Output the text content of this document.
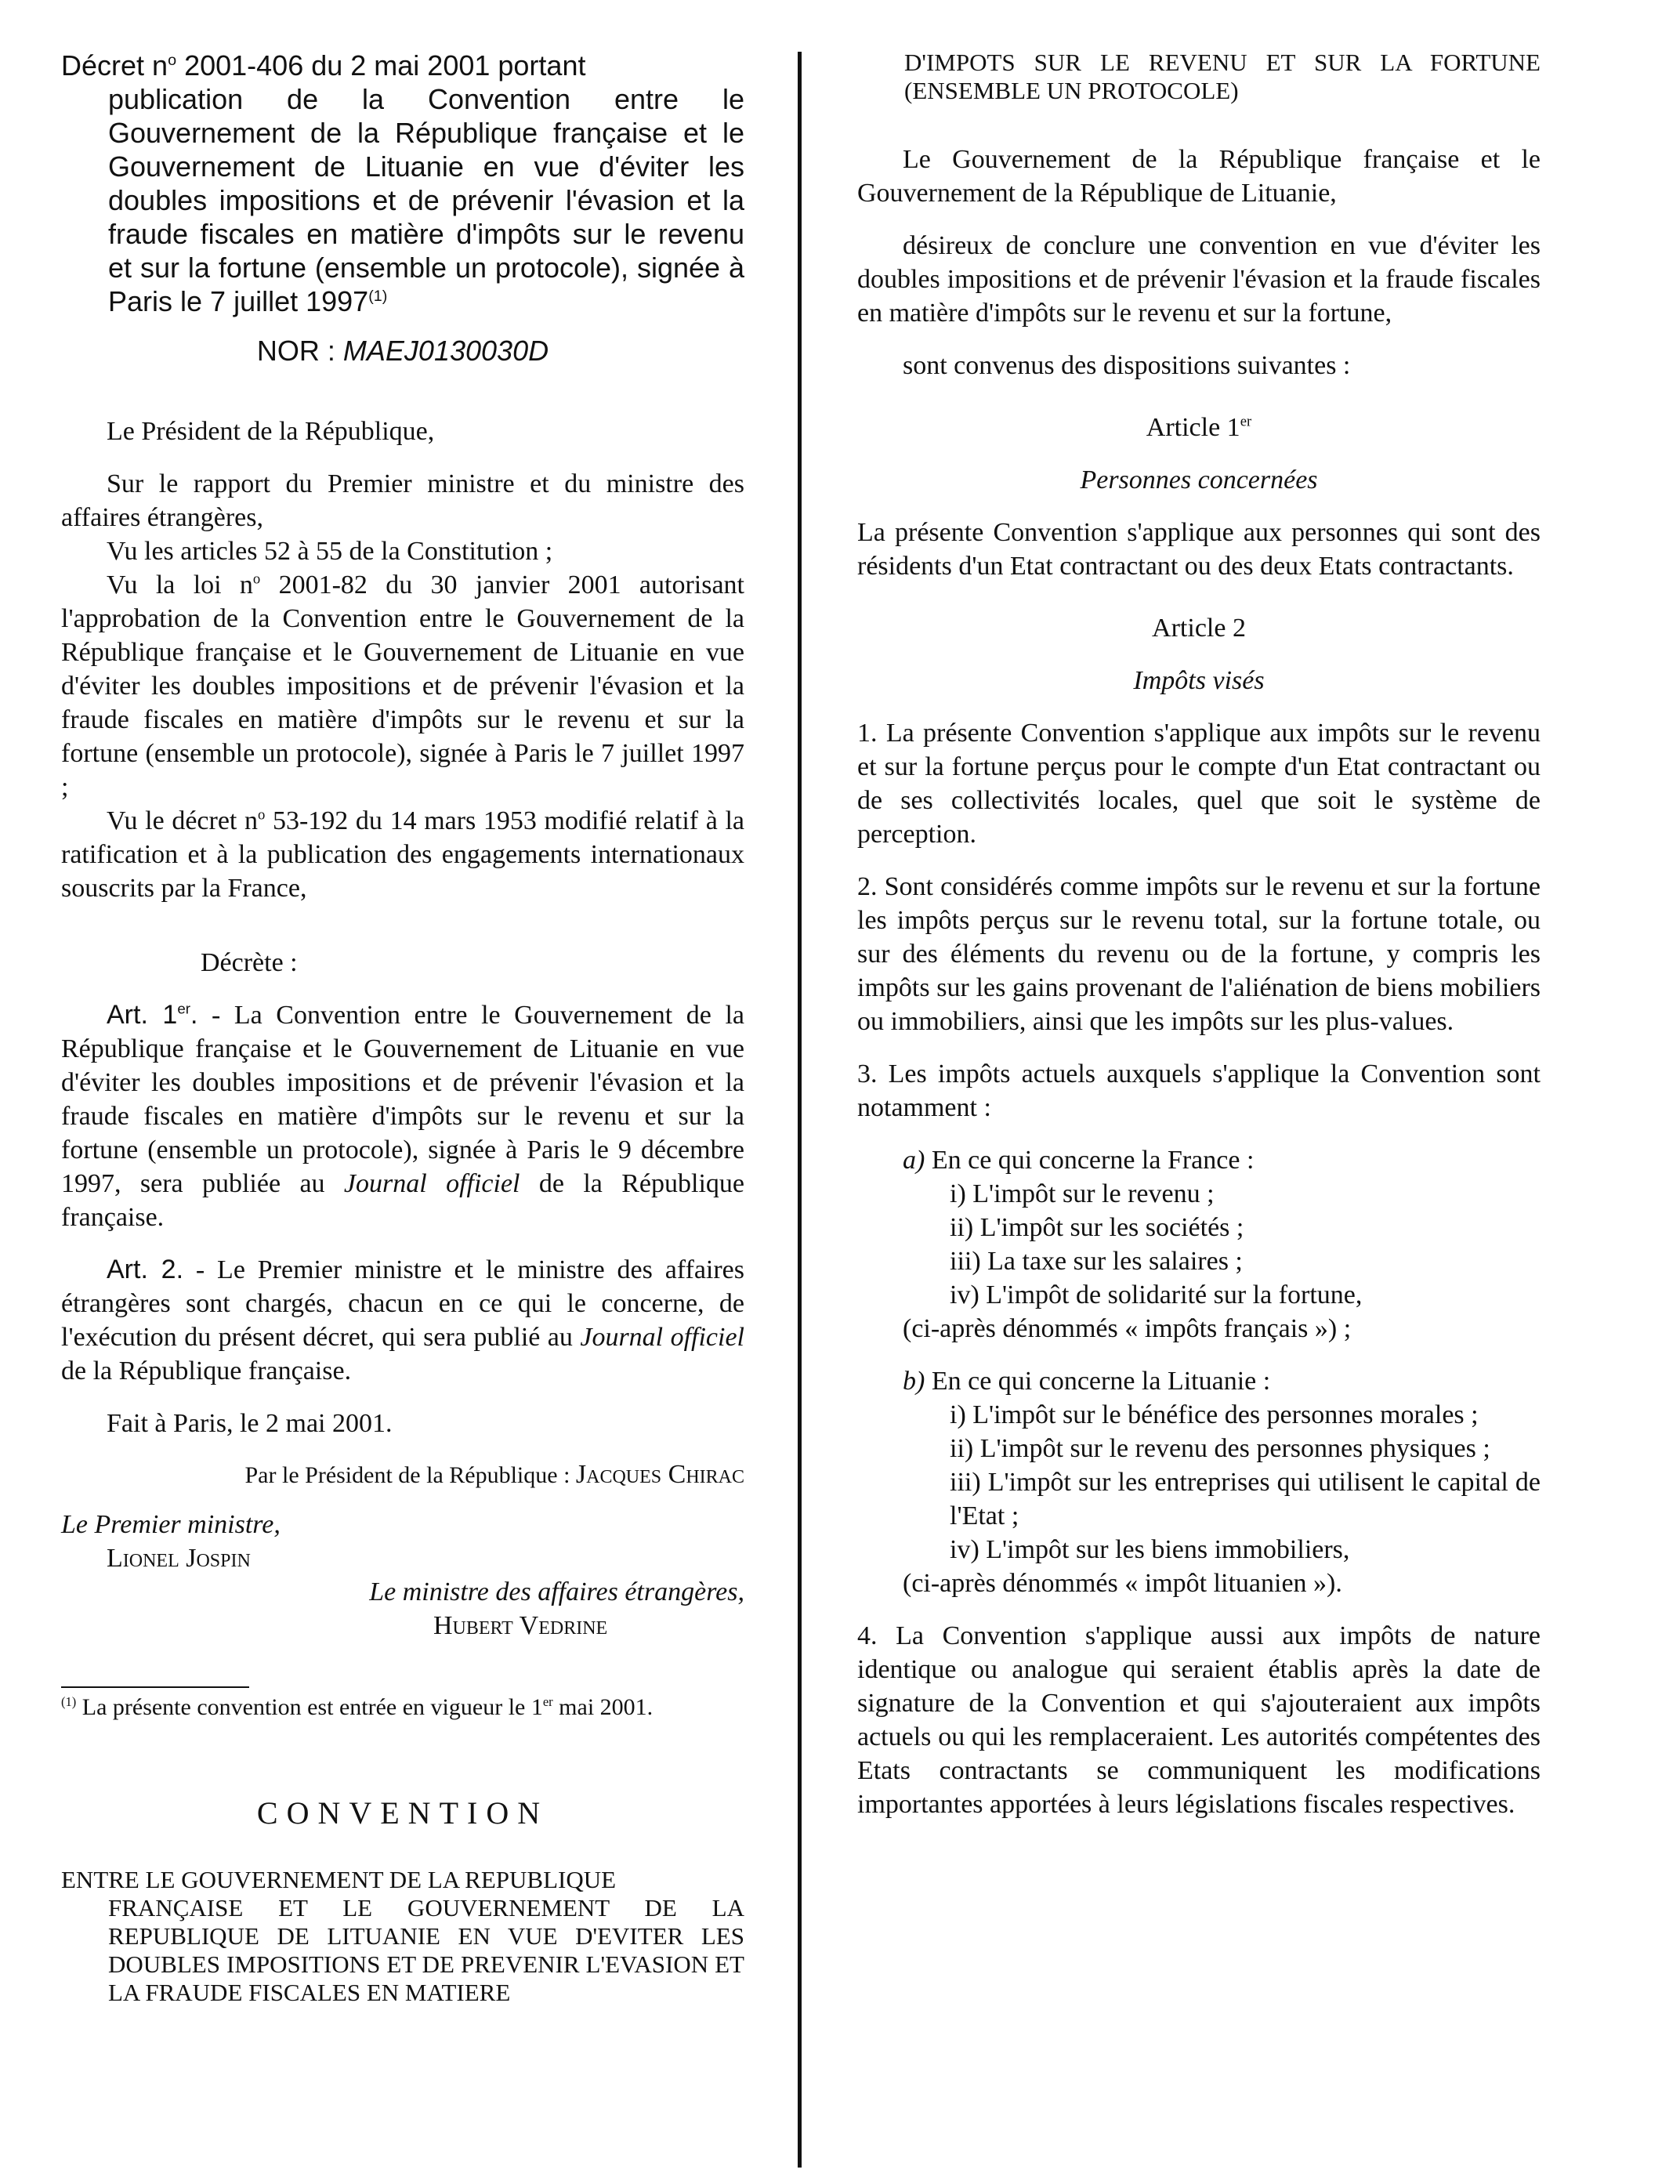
Décret $n^o$ 2001-406 du 2 mai 2001 portant
publication de la Convention entre le Gouvernement de la République française et le Gouvernement de Lituanie en vue d'éviter les doubles impositions et de prévenir l'évasion et la fraude fiscales en matière d'impôts sur le revenu et sur la fortune (ensemble un protocole), signée à Paris le 7 juillet 1997$^{(1)}$
NOR : MAEJ0130030D

Le Président de la République,

Sur le rapport du Premier ministre et du ministre des affaires étrangères,

Vu les articles 52 à 55 de la Constitution ;

Vu la loi $n^o$ 2001-82 du 30 janvier 2001 autorisant l'approbation de la Convention entre le Gouvernement de la République française et le Gouvernement de Lituanie en vue d'éviter les doubles impositions et de prévenir l'évasion et la fraude fiscales en matière d'impôts sur le revenu et sur la fortune (ensemble un protocole), signée à Paris le 7 juillet 1997 ;

Vu le décret $n^o$ 53-192 du 14 mars 1953 modifié relatif à la ratification et à la publication des engagements internationaux souscrits par la France,

Décrète :

Art. 1er. - La Convention entre le Gouvernement de la République française et le Gouvernement de Lituanie en vue d'éviter les doubles impositions et de prévenir l'évasion et la fraude fiscales en matière d'impôts sur le revenu et sur la fortune (ensemble un protocole), signée à Paris le 9 décembre 1997, sera publiée au Journal officiel de la République française.

Art. 2. - Le Premier ministre et le ministre des affaires étrangères sont chargés, chacun en ce qui le concerne, de l'exécution du présent décret, qui sera publié au Journal officiel de la République française.

Fait à Paris, le 2 mai 2001.

Par le Président de la République : Jacques Chirac

Le Premier ministre,

Lionel Jospin

Le ministre des affaires étrangères,

Hubert Vedrine

$^{(1)}$ La présente convention est entrée en vigueur le 1er mai 2001.

CONVENTION

ENTRE LE GOUVERNEMENT DE LA REPUBLIQUE
FRANÇAISE ET LE GOUVERNEMENT DE LA REPUBLIQUE DE LITUANIE EN VUE D'EVITER LES DOUBLES IMPOSITIONS ET DE PREVENIR L'EVASION ET LA FRAUDE FISCALES EN MATIERE
D'IMPOTS SUR LE REVENU ET SUR LA FORTUNE (ENSEMBLE UN PROTOCOLE)

Le Gouvernement de la République française et le Gouvernement de la République de Lituanie,

désireux de conclure une convention en vue d'éviter les doubles impositions et de prévenir l'évasion et la fraude fiscales en matière d'impôts sur le revenu et sur la fortune,

sont convenus des dispositions suivantes :

Article 1er

Personnes concernées

La présente Convention s'applique aux personnes qui sont des résidents d'un Etat contractant ou des deux Etats contractants.

Article 2

Impôts visés

1. La présente Convention s'applique aux impôts sur le revenu et sur la fortune perçus pour le compte d'un Etat contractant ou de ses collectivités locales, quel que soit le système de perception.

2. Sont considérés comme impôts sur le revenu et sur la fortune les impôts perçus sur le revenu total, sur la fortune totale, ou sur des éléments du revenu ou de la fortune, y compris les impôts sur les gains provenant de l'aliénation de biens mobiliers ou immobiliers, ainsi que les impôts sur les plus-values.

3. Les impôts actuels auxquels s'applique la Convention sont notamment :

a) En ce qui concerne la France :

i) L'impôt sur le revenu ;

ii) L'impôt sur les sociétés ;

iii) La taxe sur les salaires ;

iv) L'impôt de solidarité sur la fortune,

(ci-après dénommés « impôts français ») ;

b) En ce qui concerne la Lituanie :

i) L'impôt sur le bénéfice des personnes morales ;

ii) L'impôt sur le revenu des personnes physiques ;

iii) L'impôt sur les entreprises qui utilisent le capital de l'Etat ;

iv) L'impôt sur les biens immobiliers,

(ci-après dénommés « impôt lituanien »).

4. La Convention s'applique aussi aux impôts de nature identique ou analogue qui seraient établis après la date de signature de la Convention et qui s'ajouteraient aux impôts actuels ou qui les remplaceraient. Les autorités compétentes des Etats contractants se communiquent les modifications importantes apportées à leurs législations fiscales respectives.
